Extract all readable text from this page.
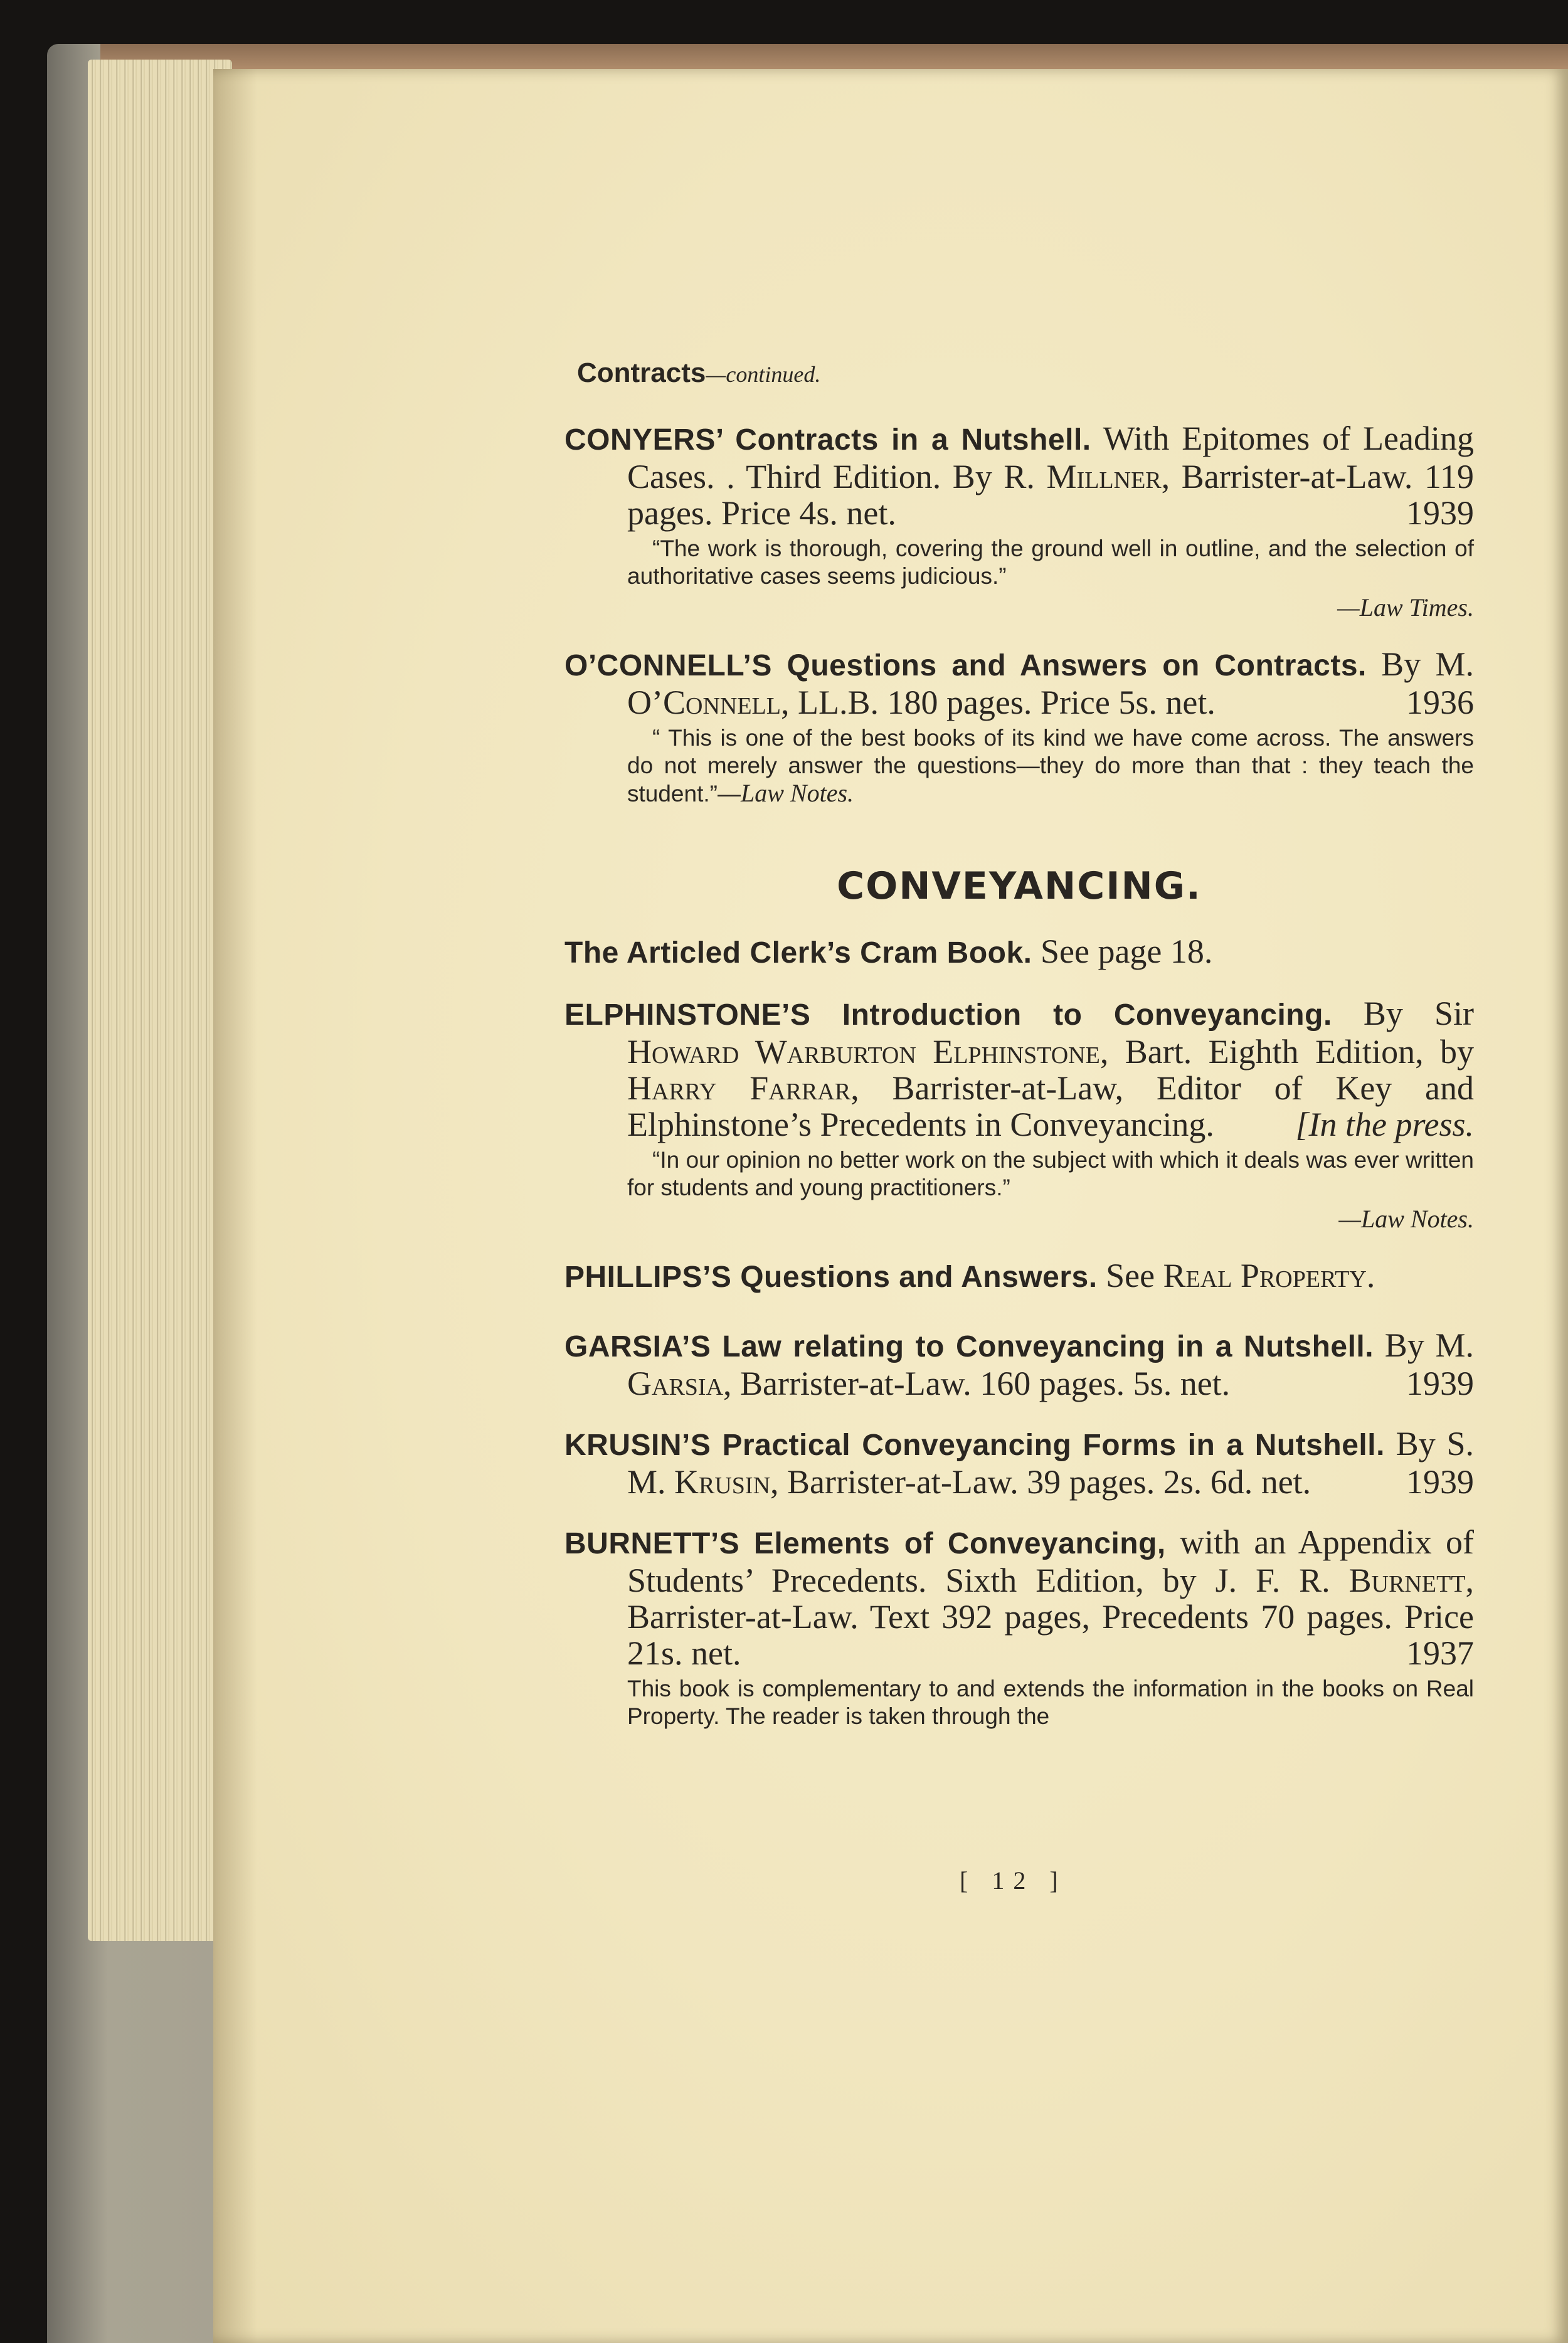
Contracts—continued.
CONYERS’ Contracts in a Nutshell. With Epitomes of Leading Cases. . Third Edition. By R. Millner, Barrister-at-Law. 119 pages. Price 4s. net.	1939
“The work is thorough, covering the ground well in outline, and the selection of authoritative cases seems judicious.”
—Law Times.
O’CONNELL’S Questions and Answers on Contracts. By M. O’Connell, LL.B. 180 pages. Price 5s. net.	1936
“ This is one of the best books of its kind we have come across. The answers do not merely answer the questions—they do more than that : they teach the student.”—Law Notes.
CONVEYANCING.
The Articled Clerk’s Cram Book. See page 18.
ELPHINSTONE’S Introduction to Conveyancing. By Sir Howard Warburton Elphinstone, Bart. Eighth Edition, by Harry Farrar, Barrister-at-Law, Editor of Key and Elphinstone’s Precedents in Conveyancing. [In the press.
“In our opinion no better work on the subject with which it deals was ever written for students and young practitioners.”
—Law Notes.
PHILLIPS’S Questions and Answers. See Real Property.
GARSIA’S Law relating to Conveyancing in a Nutshell. By M. Garsia, Barrister-at-Law. 160 pages. 5s. net.	1939
KRUSIN’S Practical Conveyancing Forms in a Nutshell. By S. M. Krusin, Barrister-at-Law. 39 pages. 2s. 6d. net.	1939
BURNETT’S Elements of Conveyancing, with an Appendix of Students’ Precedents. Sixth Edition, by J. F. R. Burnett, Barrister-at-Law. Text 392 pages, Precedents 70 pages. Price 21s. net.	1937
This book is complementary to and extends the information in the books on Real Property. The reader is taken through the
[ 12 ]
